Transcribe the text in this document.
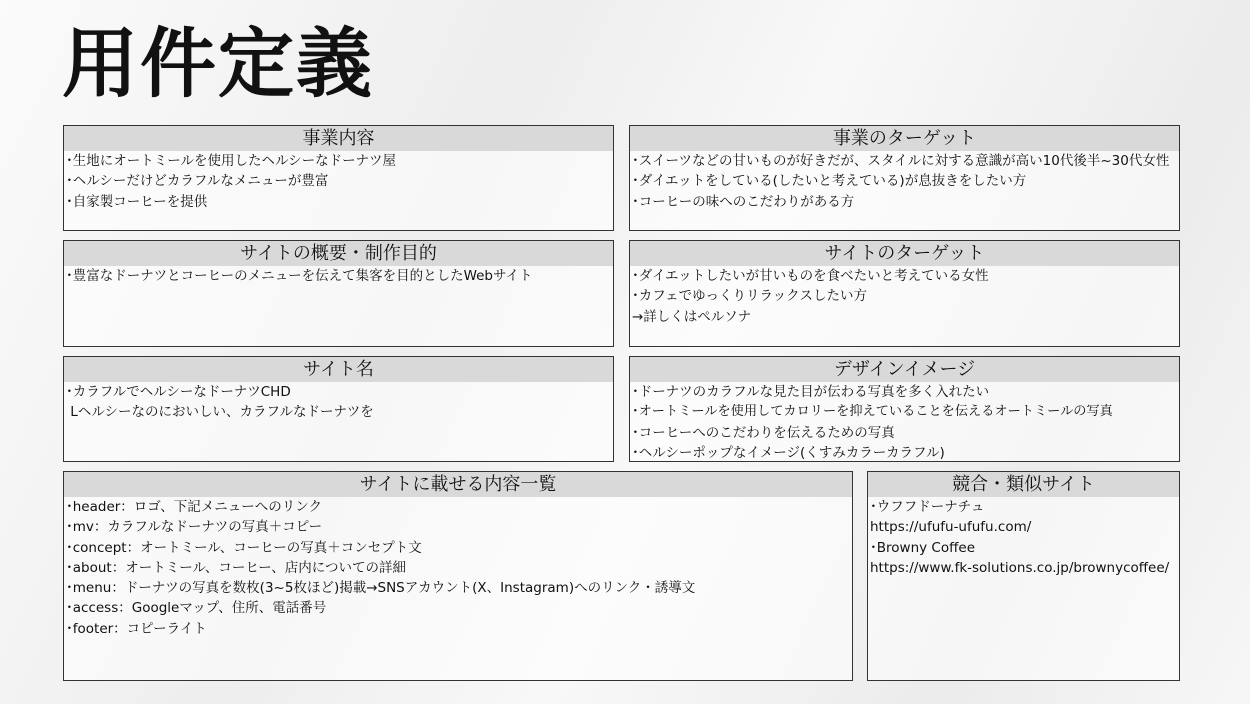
用件定義
事業内容
･生地にオートミールを使用したヘルシーなドーナツ屋
･ヘルシーだけどカラフルなメニューが豊富
･自家製コーヒーを提供
事業のターゲット
･スイーツなどの甘いものが好きだが、スタイルに対する意識が高い10代後半~30代女性
･ダイエットをしている(したいと考えている)が息抜きをしたい方
･コーヒーの味へのこだわりがある方
サイトの概要・制作目的
･豊富なドーナツとコーヒーのメニューを伝えて集客を目的としたWebサイト
サイトのターゲット
･ダイエットしたいが甘いものを食べたいと考えている女性
･カフェでゆっくりリラックスしたい方
→詳しくはペルソナ
サイト名
･カラフルでヘルシーなドーナツCHD
Lヘルシーなのにおいしい、カラフルなドーナツを
デザインイメージ
･ドーナツのカラフルな見た目が伝わる写真を多く入れたい
･オートミールを使用してカロリーを抑えていることを伝えるオートミールの写真
･コーヒーへのこだわりを伝えるための写真
･ヘルシーポップなイメージ(くすみカラーカラフル)
サイトに載せる内容一覧
･header：ロゴ、下記メニューへのリンク
･mv：カラフルなドーナツの写真＋コピー
･concept：オートミール、コーヒーの写真＋コンセプト文
･about：オートミール、コーヒー、店内についての詳細
･menu：ドーナツの写真を数枚(3~5枚ほど)掲載→SNSアカウント(X、Instagram)へのリンク・誘導文
･access：Googleマップ、住所、電話番号
･footer：コピーライト
競合・類似サイト
･ウフフドーナチュ
https://ufufu-ufufu.com/
･Browny Coffee
https://www.fk-solutions.co.jp/brownycoffee/
